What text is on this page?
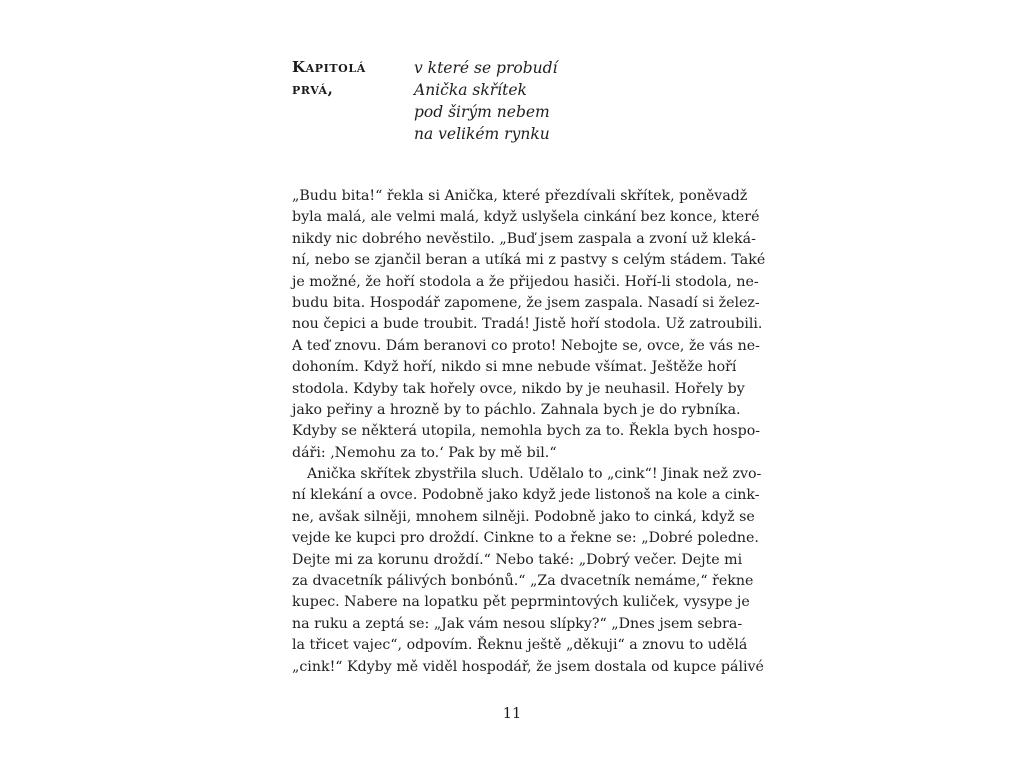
Kapitolá
prvá,
v které se probudí
Anička skřítek
pod širým nebem
na velikém rynku
„Budu bita!“ řekla si Anička, které přezdívali skřítek, poněvadž
byla malá, ale velmi malá, když uslyšela cinkání bez konce, které
nikdy nic dobrého nevěstilo. „Buď jsem zaspala a zvoní už kleká-
ní, nebo se zjančil beran a utíká mi z pastvy s celým stádem. Také
je možné, že hoří stodola a že přijedou hasiči. Hoří-li stodola, ne-
budu bita. Hospodář zapomene, že jsem zaspala. Nasadí si želez-
nou čepici a bude troubit. Tradá! Jistě hoří stodola. Už zatroubili.
A teď znovu. Dám beranovi co proto! Nebojte se, ovce, že vás ne-
dohoním. Když hoří, nikdo si mne nebude všímat. Ještěže hoří
stodola. Kdyby tak hořely ovce, nikdo by je neuhasil. Hořely by
jako peřiny a hrozně by to páchlo. Zahnala bych je do rybníka.
Kdyby se některá utopila, nemohla bych za to. Řekla bych hospo-
dáři: ‚Nemohu za to.‘ Pak by mě bil.“
Anička skřítek zbystřila sluch. Udělalo to „cink“! Jinak než zvo-
ní klekání a ovce. Podobně jako když jede listonoš na kole a cink-
ne, avšak silněji, mnohem silněji. Podobně jako to cinká, když se
vejde ke kupci pro droždí. Cinkne to a řekne se: „Dobré poledne.
Dejte mi za korunu droždí.“ Nebo také: „Dobrý večer. Dejte mi
za dvacetník pálivých bonbónů.“ „Za dvacetník nemáme,“ řekne
kupec. Nabere na lopatku pět peprmintových kuliček, vysype je
na ruku a zeptá se: „Jak vám nesou slípky?“ „Dnes jsem sebra-
la třicet vajec“, odpovím. Řeknu ještě „děkuji“ a znovu to udělá
„cink!“ Kdyby mě viděl hospodář, že jsem dostala od kupce pálivé
11
